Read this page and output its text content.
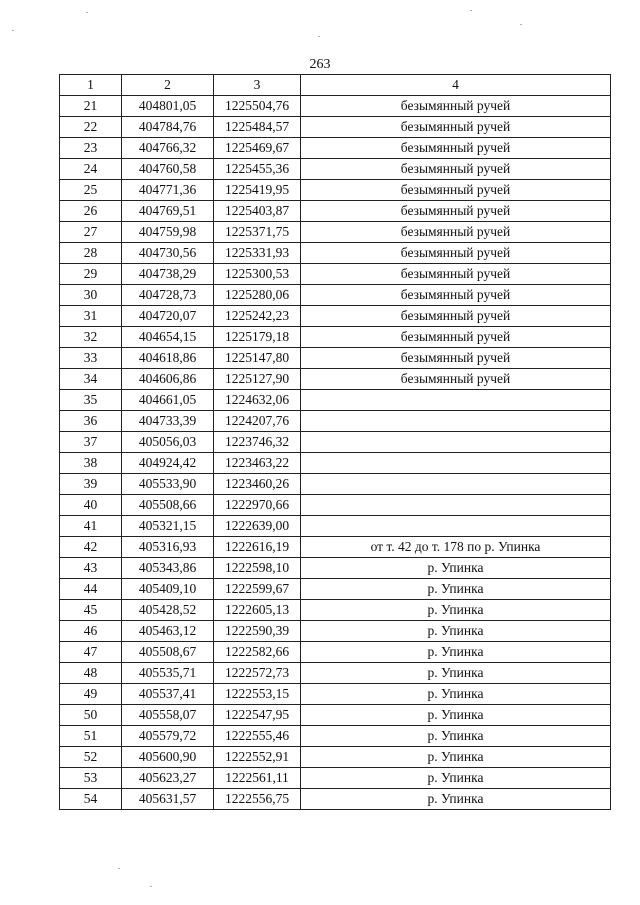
263
1	2	3	4
21	404801,05	1225504,76	безымянный ручей
22	404784,76	1225484,57	безымянный ручей
23	404766,32	1225469,67	безымянный ручей
24	404760,58	1225455,36	безымянный ручей
25	404771,36	1225419,95	безымянный ручей
26	404769,51	1225403,87	безымянный ручей
27	404759,98	1225371,75	безымянный ручей
28	404730,56	1225331,93	безымянный ручей
29	404738,29	1225300,53	безымянный ручей
30	404728,73	1225280,06	безымянный ручей
31	404720,07	1225242,23	безымянный ручей
32	404654,15	1225179,18	безымянный ручей
33	404618,86	1225147,80	безымянный ручей
34	404606,86	1225127,90	безымянный ручей
35	404661,05	1224632,06	
36	404733,39	1224207,76	
37	405056,03	1223746,32	
38	404924,42	1223463,22	
39	405533,90	1223460,26	
40	405508,66	1222970,66	
41	405321,15	1222639,00	
42	405316,93	1222616,19	от т. 42 до т. 178 по р. Упинка
43	405343,86	1222598,10	р. Упинка
44	405409,10	1222599,67	р. Упинка
45	405428,52	1222605,13	р. Упинка
46	405463,12	1222590,39	р. Упинка
47	405508,67	1222582,66	р. Упинка
48	405535,71	1222572,73	р. Упинка
49	405537,41	1222553,15	р. Упинка
50	405558,07	1222547,95	р. Упинка
51	405579,72	1222555,46	р. Упинка
52	405600,90	1222552,91	р. Упинка
53	405623,27	1222561,11	р. Упинка
54	405631,57	1222556,75	р. Упинка
